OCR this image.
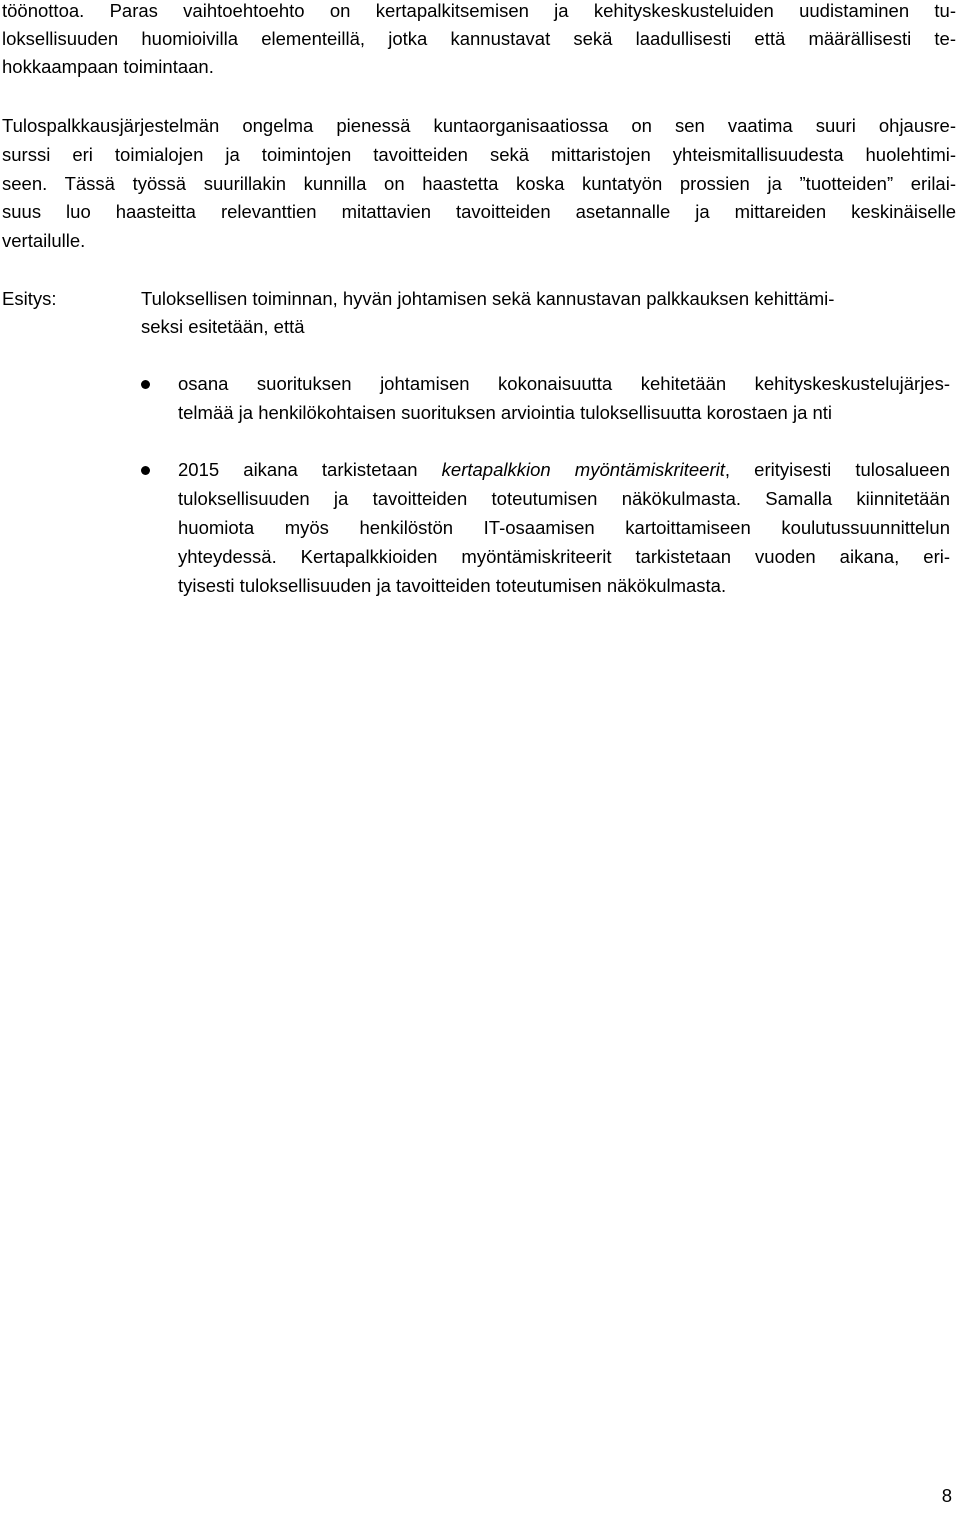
töönottoa. Paras vaihtoehtoehto on kertapalkitsemisen ja kehityskeskusteluiden uudistaminen tu-
loksellisuuden huomioivilla elementeillä, jotka kannustavat sekä laadullisesti että määrällisesti te-
hokkaampaan toimintaan.
Tulospalkkausjärjestelmän ongelma pienessä kuntaorganisaatiossa on sen vaatima suuri ohjausre-
surssi eri toimialojen ja toimintojen tavoitteiden sekä mittaristojen yhteismitallisuudesta huolehtimi-
seen. Tässä työssä suurillakin kunnilla on haastetta koska kuntatyön prossien ja ”tuotteiden” erilai-
suus luo haasteitta relevanttien mitattavien tavoitteiden asetannalle ja mittareiden keskinäiselle
vertailulle.
Esitys:	Tuloksellisen toiminnan, hyvän johtamisen sekä kannustavan palkkauksen kehittämi-
seksi esitetään, että
osana suorituksen johtamisen kokonaisuutta kehitetään kehityskeskustelujärjes-
telmää ja henkilökohtaisen suorituksen arviointia tuloksellisuutta korostaen ja nti
2015 aikana tarkistetaan kertapalkkion myöntämiskriteerit, erityisesti tulosalueen
tuloksellisuuden ja tavoitteiden toteutumisen näkökulmasta. Samalla kiinnitetään
huomiota myös henkilöstön IT-osaamisen kartoittamiseen koulutussuunnittelun
yhteydessä. Kertapalkkioiden myöntämiskriteerit tarkistetaan vuoden aikana, eri-
tyisesti tuloksellisuuden ja tavoitteiden toteutumisen näkökulmasta.
8
